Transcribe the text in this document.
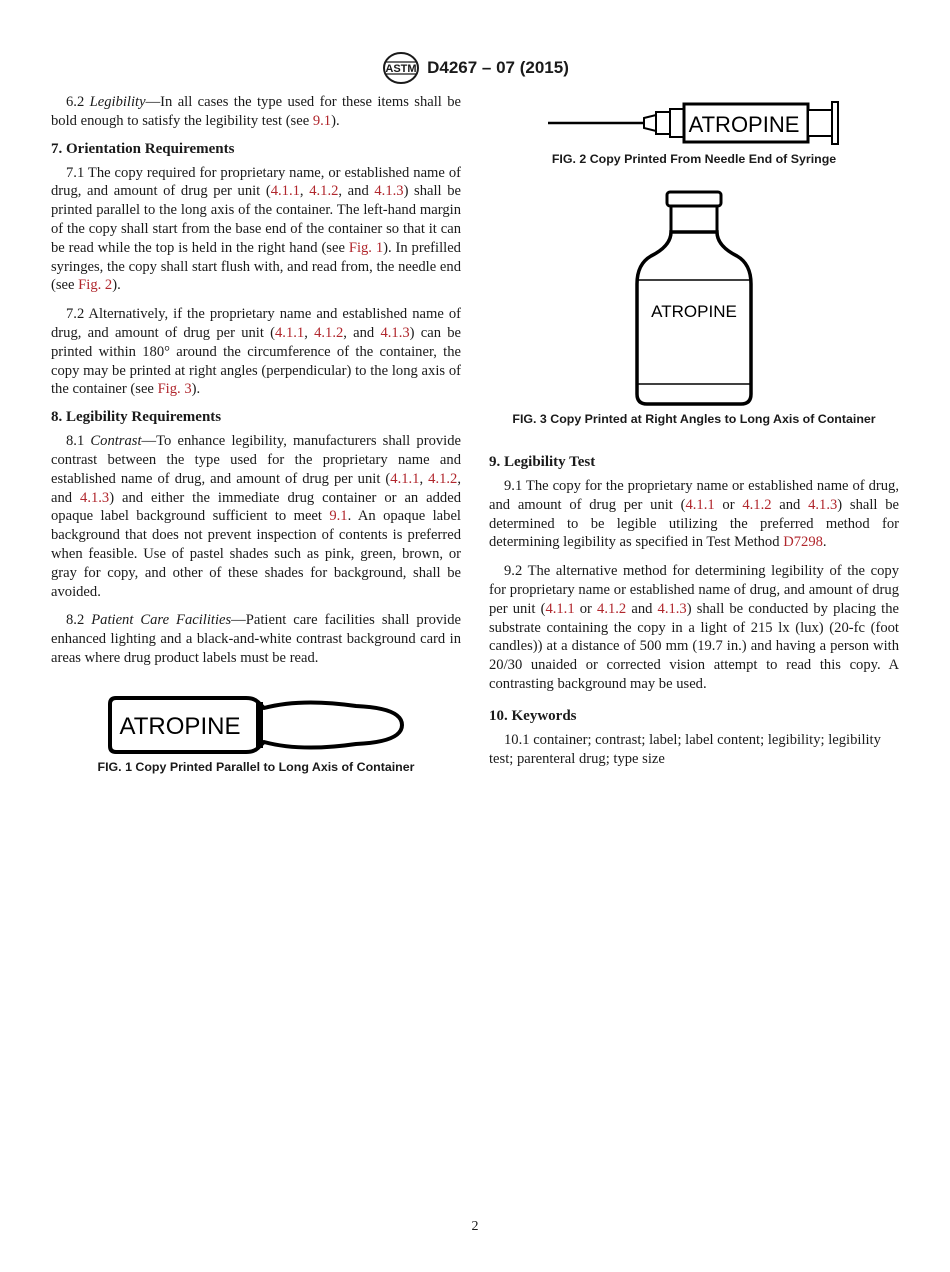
ASTM D4267 – 07 (2015)

6.2 Legibility—In all cases the type used for these items shall be bold enough to satisfy the legibility test (see 9.1).

7. Orientation Requirements

7.1 The copy required for proprietary name, or established name of drug, and amount of drug per unit (4.1.1, 4.1.2, and 4.1.3) shall be printed parallel to the long axis of the container. The left-hand margin of the copy shall start from the base end of the container so that it can be read while the top is held in the right hand (see Fig. 1). In prefilled syringes, the copy shall start flush with, and read from, the needle end (see Fig. 2).

7.2 Alternatively, if the proprietary name and established name of drug, and amount of drug per unit (4.1.1, 4.1.2, and 4.1.3) can be printed within 180° around the circumference of the container, the copy may be printed at right angles (perpendicular) to the long axis of the container (see Fig. 3).

8. Legibility Requirements

8.1 Contrast—To enhance legibility, manufacturers shall provide contrast between the type used for the proprietary name and established name of drug, and amount of drug per unit (4.1.1, 4.1.2, and 4.1.3) and either the immediate drug container or an added opaque label background sufficient to meet 9.1. An opaque label background that does not prevent inspection of contents is preferred when feasible. Use of pastel shades such as pink, green, brown, or gray for copy, and other of these shades for background, shall be avoided.

8.2 Patient Care Facilities—Patient care facilities shall provide enhanced lighting and a black-and-white contrast background card in areas where drug product labels must be read.

ATROPINE
FIG. 1 Copy Printed Parallel to Long Axis of Container
ATROPINE
FIG. 2 Copy Printed From Needle End of Syringe
ATROPINE
FIG. 3 Copy Printed at Right Angles to Long Axis of Container
9. Legibility Test

9.1 The copy for the proprietary name or established name of drug, and amount of drug per unit (4.1.1 or 4.1.2 and 4.1.3) shall be determined to be legible utilizing the preferred method for determining legibility as specified in Test Method D7298.

9.2 The alternative method for determining legibility of the copy for proprietary name or established name of drug, and amount of drug per unit (4.1.1 or 4.1.2 and 4.1.3) shall be conducted by placing the substrate containing the copy in a light of 215 lx (lux) (20-fc (foot candles)) at a distance of 500 mm (19.7 in.) and having a person with 20/30 unaided or corrected vision attempt to read this copy. A contrasting background may be used.

10. Keywords

10.1 container; contrast; label; label content; legibility; legibility test; parenteral drug; type size

2
